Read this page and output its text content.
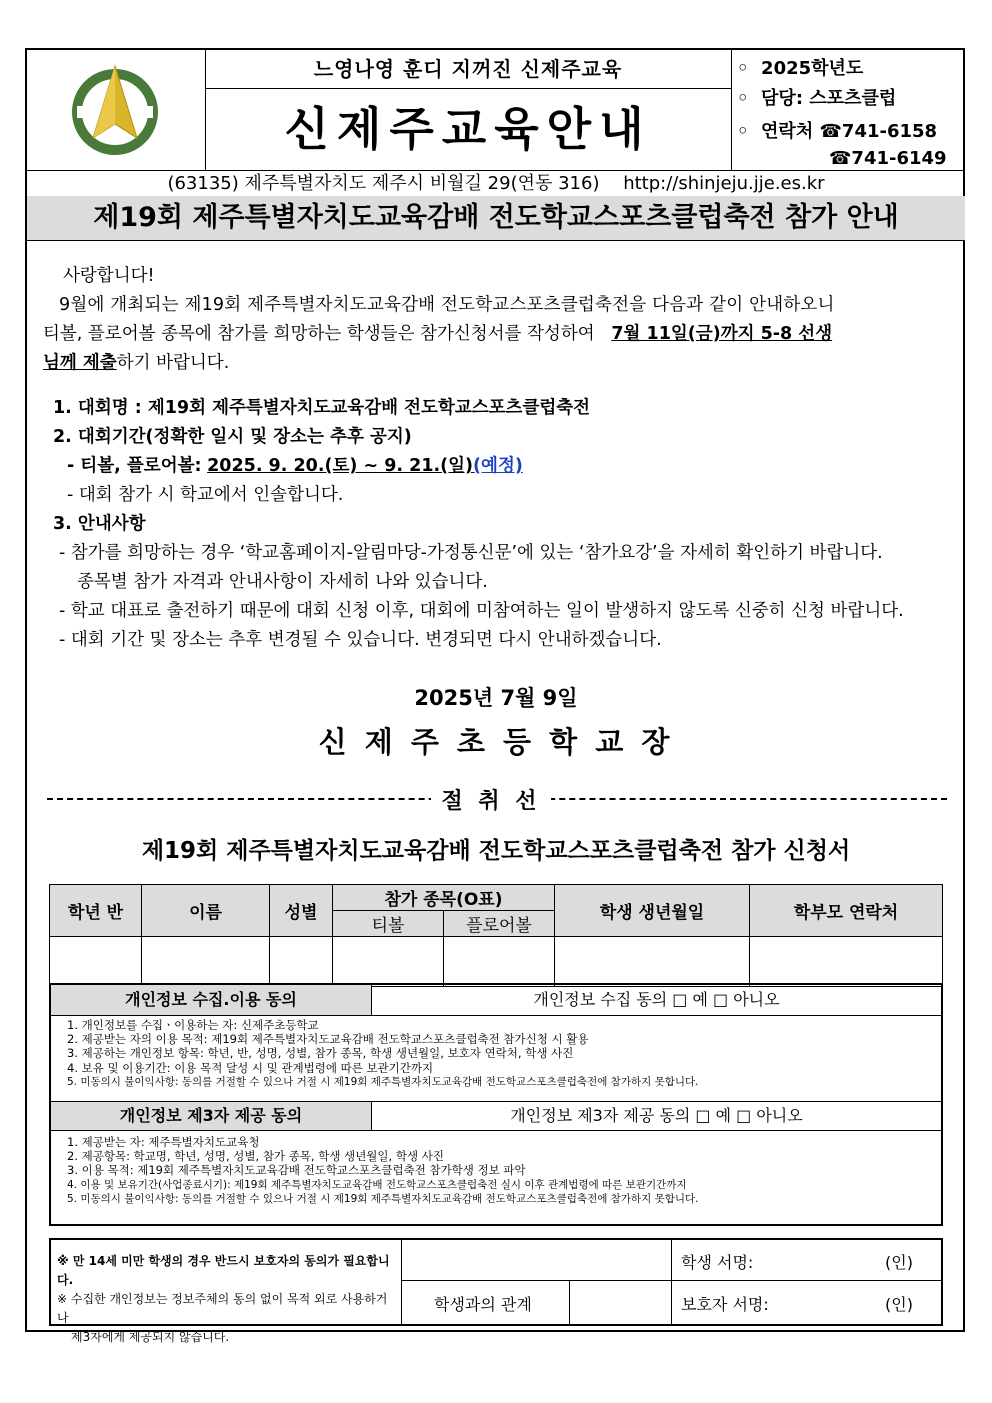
느영나영 훈디 지꺼진 신제주교육
신제주교육안내
◦  2025학년도
◦  담당: 스포츠클럽
◦  연락처 ☎741-6158
☎741-6149
(63135) 제주특별자치도 제주시 비월길 29(연동 316) http://shinjeju.jje.es.kr
제19회 제주특별자치도교육감배 전도학교스포츠클럽축전 참가 안내
사랑합니다!
9월에 개최되는 제19회 제주특별자치도교육감배 전도학교스포츠클럽축전을 다음과 같이 안내하오니
티볼, 플로어볼 종목에 참가를 희망하는 학생들은 참가신청서를 작성하여 7월 11일(금)까지 5-8 선생
님께 제출하기 바랍니다.
1. 대회명 : 제19회 제주특별자치도교육감배 전도학교스포츠클럽축전
2. 대회기간(정확한 일시 및 장소는 추후 공지)
- 티볼, 플로어볼: 2025. 9. 20.(토) ~ 9. 21.(일)(예정)
- 대회 참가 시 학교에서 인솔합니다.
3. 안내사항
- 참가를 희망하는 경우 ‘학교홈페이지-알림마당-가정통신문’에 있는 ‘참가요강’을 자세히 확인하기 바랍니다.
종목별 참가 자격과 안내사항이 자세히 나와 있습니다.
- 학교 대표로 출전하기 때문에 대회 신청 이후, 대회에 미참여하는 일이 발생하지 않도록 신중히 신청 바랍니다.
- 대회 기간 및 장소는 추후 변경될 수 있습니다. 변경되면 다시 안내하겠습니다.
2025년 7월 9일
신 제 주 초 등 학 교 장
절 취 선
제19회 제주특별자치도교육감배 전도학교스포츠클럽축전 참가 신청서
학년 반	이름	성별	참가 종목(O표)		학생 생년월일	학부모 연락처
			티볼	플로어볼		

개인정보 수집.이용 동의	개인정보 수집 동의 □ 예 □ 아니오
1. 개인정보를 수집ㆍ이용하는 자: 신제주초등학교
2. 제공받는 자의 이용 목적: 제19회 제주특별자치도교육감배 전도학교스포츠클럽축전 참가신청 시 활용
3. 제공하는 개인정보 항목: 학년, 반, 성명, 성별, 참가 종목, 학생 생년월일, 보호자 연락처, 학생 사진
4. 보유 및 이용기간: 이용 목적 달성 시 및 관계법령에 따른 보관기간까지
5. 미동의시 불이익사항: 동의를 거절할 수 있으나 거절 시 제19회 제주특별자치도교육감배 전도학교스포츠클럽축전에 참가하지 못합니다.
개인정보 제3자 제공 동의	개인정보 제3자 제공 동의 □ 예 □ 아니오
1. 제공받는 자: 제주특별자치도교육청
2. 제공항목: 학교명, 학년, 성명, 성별, 참가 종목, 학생 생년월일, 학생 사진
3. 이용 목적: 제19회 제주특별자치도교육감배 전도학교스포츠클럽축전 참가학생 정보 파악
4. 이용 및 보유기간(사업종료시기): 제19회 제주특별자치도교육감배 전도학교스포츠클럽축전 실시 이후 관계법령에 따른 보관기간까지
5. 미동의시 불이익사항: 동의를 거절할 수 있으나 거절 시 제19회 제주특별자치도교육감배 전도학교스포츠클럽축전에 참가하지 못합니다.
※ 만 14세 미만 학생의 경우 반드시 보호자의 동의가 필요합니다.
※ 수집한 개인정보는 정보주체의 동의 없이 목적 외로 사용하거나
제3자에게 제공되지 않습니다.
학생 서명:	(인)
학생과의 관계	보호자 서명:	(인)
